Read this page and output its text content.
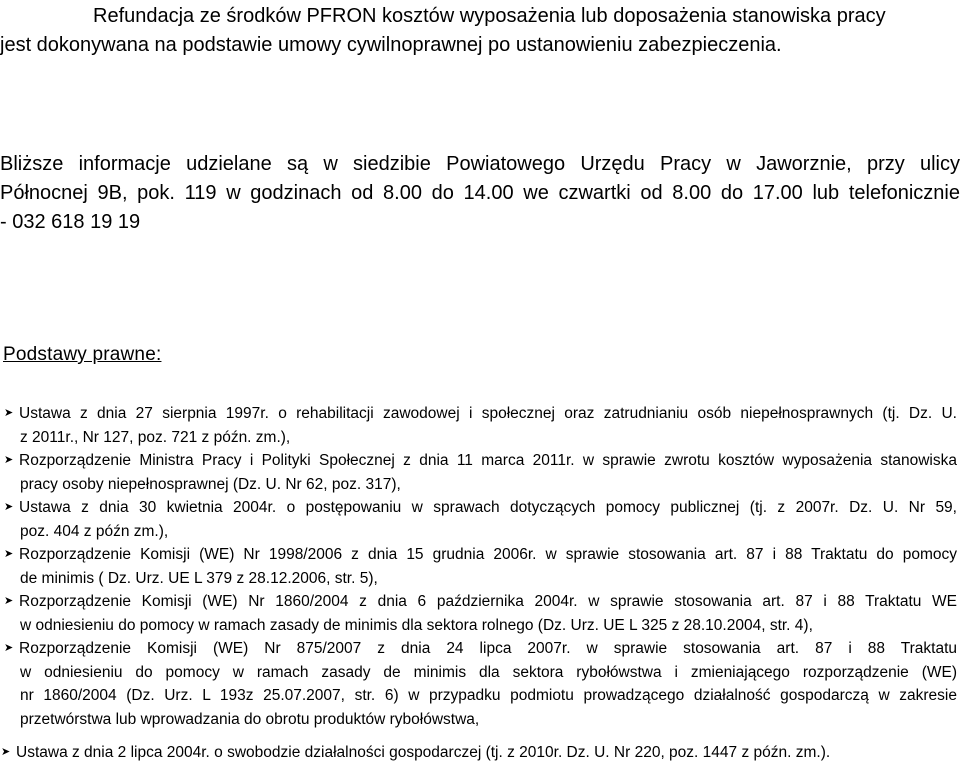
Refundacja ze środków PFRON kosztów wyposażenia lub doposażenia stanowiska pracy
jest dokonywana na podstawie umowy cywilnoprawnej po ustanowieniu zabezpieczenia.
Bliższe informacje udzielane są w siedzibie Powiatowego Urzędu Pracy w Jaworznie, przy ulicy
Północnej 9B, pok. 119 w godzinach od 8.00 do 14.00 we czwartki od 8.00 do 17.00 lub telefonicznie
- 032 618 19 19
Podstawy prawne:
➤ Ustawa z dnia 27 sierpnia 1997r. o rehabilitacji zawodowej i społecznej oraz zatrudnianiu osób niepełnosprawnych (tj. Dz. U.
z 2011r., Nr 127, poz. 721 z późn. zm.),
➤ Rozporządzenie Ministra Pracy i Polityki Społecznej z dnia 11 marca 2011r. w sprawie zwrotu kosztów wyposażenia stanowiska
pracy osoby niepełnosprawnej (Dz. U. Nr 62, poz. 317),
➤ Ustawa z dnia 30 kwietnia 2004r. o postępowaniu w sprawach dotyczących pomocy publicznej (tj. z 2007r. Dz. U. Nr 59,
poz. 404 z późn zm.),
➤ Rozporządzenie Komisji (WE) Nr 1998/2006 z dnia 15 grudnia 2006r. w sprawie stosowania art. 87 i 88 Traktatu do pomocy
de minimis ( Dz. Urz. UE L 379 z 28.12.2006, str. 5),
➤ Rozporządzenie Komisji (WE) Nr 1860/2004 z dnia 6 października 2004r. w sprawie stosowania art. 87 i 88 Traktatu WE
w odniesieniu do pomocy w ramach zasady de minimis dla sektora rolnego (Dz. Urz. UE L 325 z 28.10.2004, str. 4),
➤ Rozporządzenie Komisji (WE) Nr 875/2007 z dnia 24 lipca 2007r. w sprawie stosowania art. 87 i 88 Traktatu
w odniesieniu do pomocy w ramach zasady de minimis dla sektora rybołówstwa i zmieniającego rozporządzenie (WE)
nr 1860/2004 (Dz. Urz. L 193z 25.07.2007, str. 6) w przypadku podmiotu prowadzącego działalność gospodarczą w zakresie
przetwórstwa lub wprowadzania do obrotu produktów rybołówstwa,
➤ Ustawa z dnia 2 lipca 2004r. o swobodzie działalności gospodarczej (tj. z 2010r. Dz. U. Nr 220, poz. 1447 z późn. zm.).
